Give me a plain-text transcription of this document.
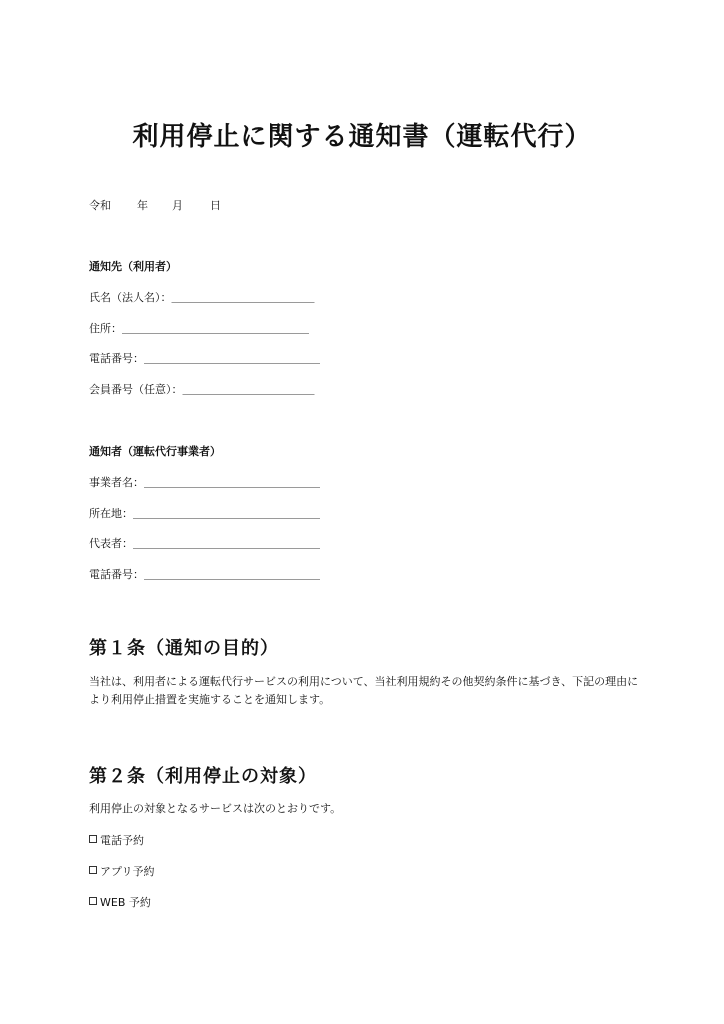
利用停止に関する通知書（運転代行）
令和 年 月 日
通知先（利用者）
氏名（法人名）：＿＿＿＿＿＿＿＿＿＿＿＿＿
住所：＿＿＿＿＿＿＿＿＿＿＿＿＿＿＿＿＿
電話番号：＿＿＿＿＿＿＿＿＿＿＿＿＿＿＿＿
会員番号（任意）：＿＿＿＿＿＿＿＿＿＿＿＿
通知者（運転代行事業者）
事業者名：＿＿＿＿＿＿＿＿＿＿＿＿＿＿＿＿
所在地：＿＿＿＿＿＿＿＿＿＿＿＿＿＿＿＿＿
代表者：＿＿＿＿＿＿＿＿＿＿＿＿＿＿＿＿＿
電話番号：＿＿＿＿＿＿＿＿＿＿＿＿＿＿＿＿
第１条（通知の目的）
当社は、利用者による運転代行サービスの利用について、当社利用規約その他契約条件に基づき、下記の理由により利用停止措置を実施することを通知します。
第２条（利用停止の対象）
利用停止の対象となるサービスは次のとおりです。
電話予約
アプリ予約
WEB 予約
